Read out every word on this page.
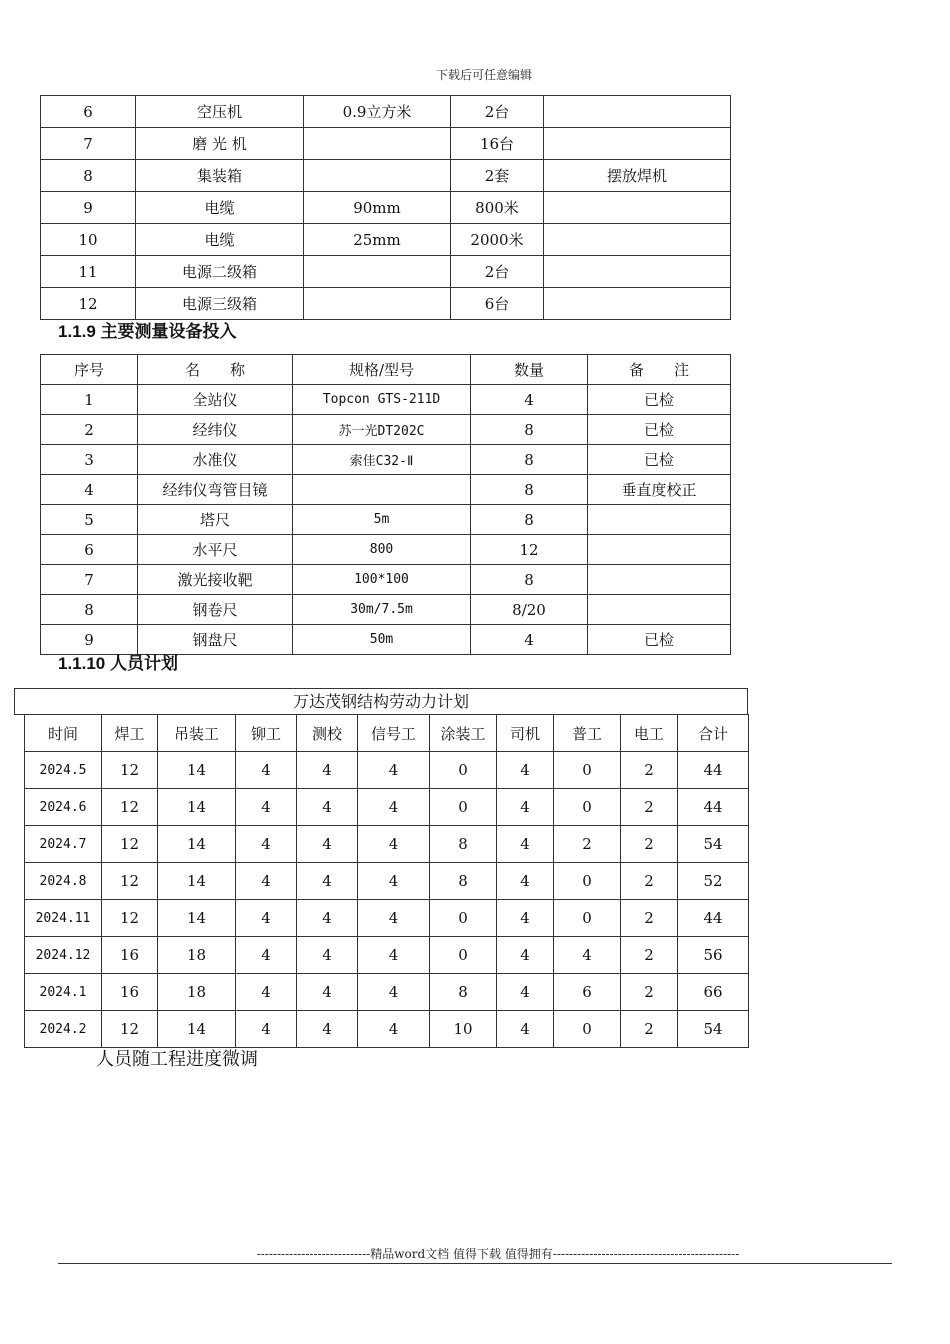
下载后可任意编辑
6	空压机	0.9立方米	2台	
7	磨 光 机		16台	
8	集装箱		2套	摆放焊机
9	电缆	90mm	800米	
10	电缆	25mm	2000米	
11	电源二级箱		2台	
12	电源三级箱		6台	
1.1.9 主要测量设备投入
序号	名　　称	规格/型号	数量	备　　注
1	全站仪	Topcon GTS-211D	4	已检
2	经纬仪	苏一光DT202C	8	已检
3	水准仪	索佳C32-Ⅱ	8	已检
4	经纬仪弯管目镜		8	垂直度校正
5	塔尺	5m	8	
6	水平尺	800	12	
7	激光接收靶	100*100	8	
8	钢卷尺	30m/7.5m	8/20	
9	钢盘尺	50m	4	已检
1.1.10 人员计划
万达茂钢结构劳动力计划
时间	焊工	吊装工	铆工	测校	信号工	涂装工	司机	普工	电工	合计
2024.5	12	14	4	4	4	0	4	0	2	44
2024.6	12	14	4	4	4	0	4	0	2	44
2024.7	12	14	4	4	4	8	4	2	2	54
2024.8	12	14	4	4	4	8	4	0	2	52
2024.11	12	14	4	4	4	0	4	0	2	44
2024.12	16	18	4	4	4	0	4	4	2	56
2024.1	16	18	4	4	4	8	4	6	2	66
2024.2	12	14	4	4	4	10	4	0	2	54
人员随工程进度微调
----------------------------精品word文档 值得下载 值得拥有----------------------------------------------
